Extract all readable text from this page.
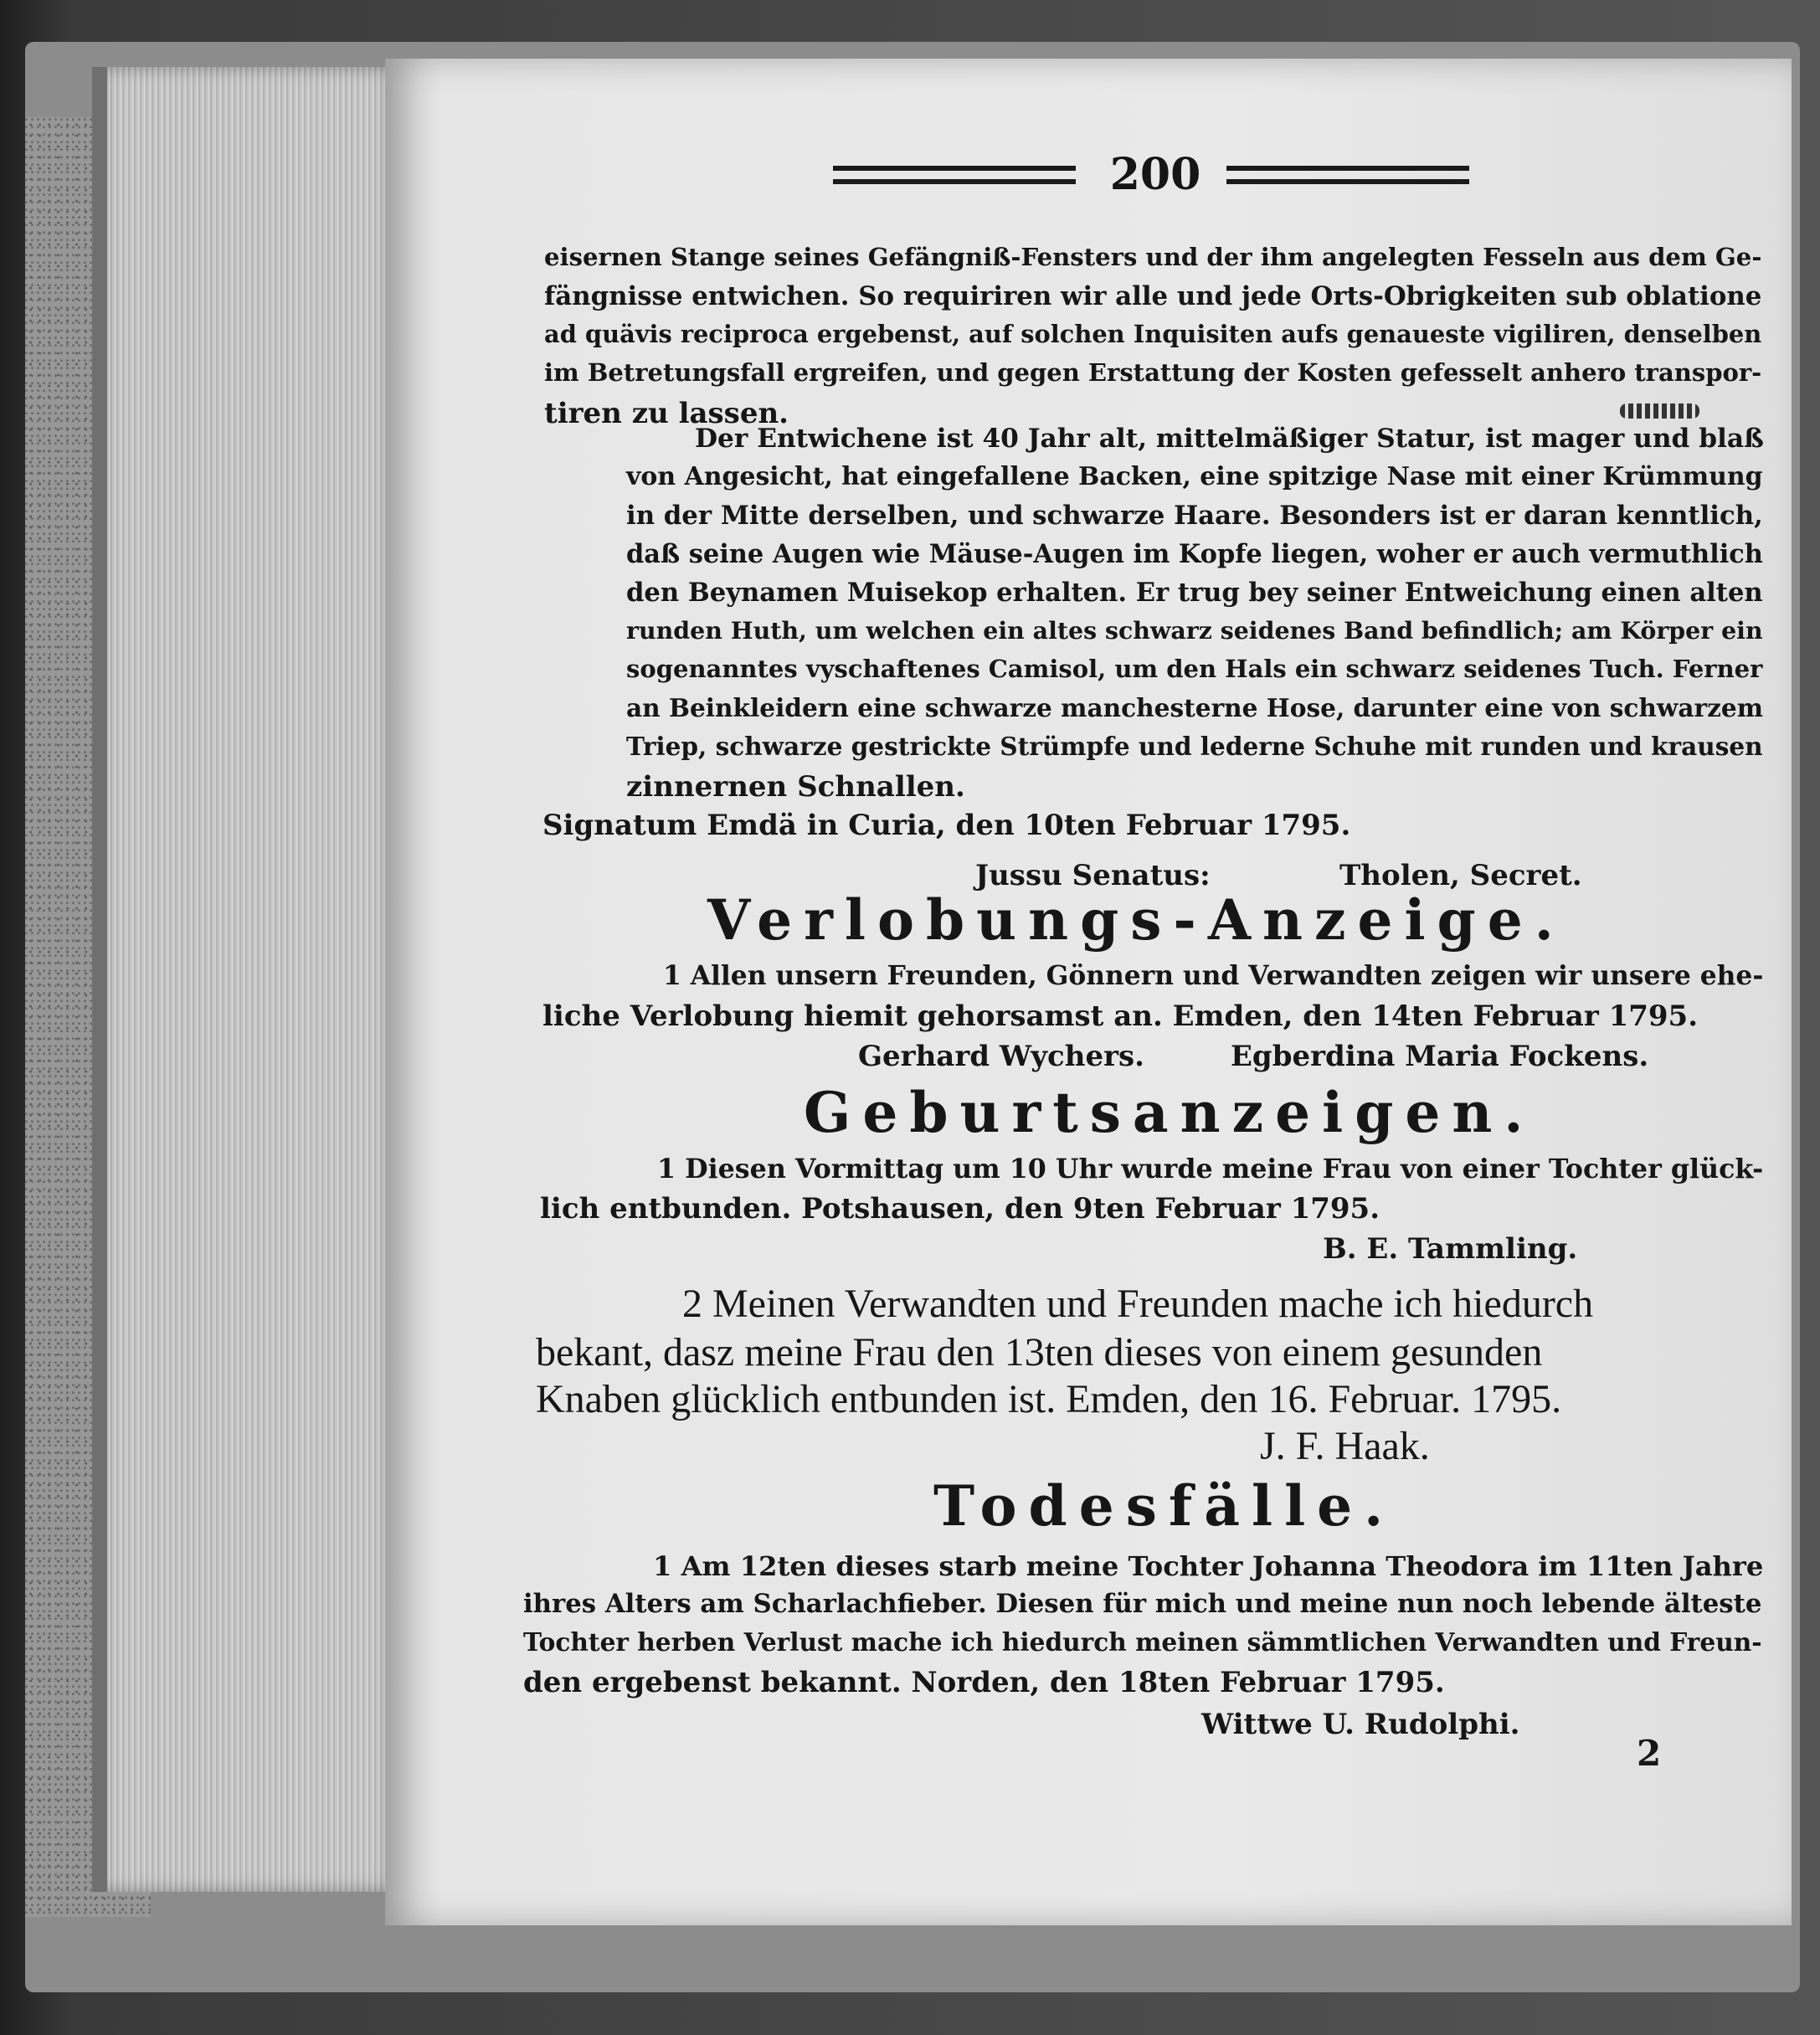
200
eisernen Stange seines Gefängniß-Fensters und der ihm angelegten Fesseln aus dem Ge-
fängnisse entwichen. So requiriren wir alle und jede Orts-Obrigkeiten sub oblatione
ad quävis reciproca ergebenst, auf solchen Inquisiten aufs genaueste vigiliren, denselben
im Betretungsfall ergreifen, und gegen Erstattung der Kosten gefesselt anhero transpor-
tiren zu lassen.
Der Entwichene ist 40 Jahr alt, mittelmäßiger Statur, ist mager und blaß
von Angesicht, hat eingefallene Backen, eine spitzige Nase mit einer Krümmung
in der Mitte derselben, und schwarze Haare. Besonders ist er daran kenntlich,
daß seine Augen wie Mäuse-Augen im Kopfe liegen, woher er auch vermuthlich
den Beynamen Muisekop erhalten. Er trug bey seiner Entweichung einen alten
runden Huth, um welchen ein altes schwarz seidenes Band befindlich; am Körper ein
sogenanntes vyschaftenes Camisol, um den Hals ein schwarz seidenes Tuch. Ferner
an Beinkleidern eine schwarze manchesterne Hose, darunter eine von schwarzem
Triep, schwarze gestrickte Strümpfe und lederne Schuhe mit runden und krausen
zinnernen Schnallen.
Signatum Emdä in Curia, den 10ten Februar 1795.
Jussu Senatus:	Tholen, Secret.
Verlobungs-Anzeige.
1 Allen unsern Freunden, Gönnern und Verwandten zeigen wir unsere ehe-
liche Verlobung hiemit gehorsamst an. Emden, den 14ten Februar 1795.
Gerhard Wychers.	Egberdina Maria Fockens.
Geburtsanzeigen.
1 Diesen Vormittag um 10 Uhr wurde meine Frau von einer Tochter glück-
lich entbunden. Potshausen, den 9ten Februar 1795.
B. E. Tammling.
2 Meinen Verwandten und Freunden mache ich hiedurch
bekant, dasz meine Frau den 13ten dieses von einem gesunden
Knaben glücklich entbunden ist. Emden, den 16. Februar. 1795.
J. F. Haak.
Todesfälle.
1 Am 12ten dieses starb meine Tochter Johanna Theodora im 11ten Jahre
ihres Alters am Scharlachfieber. Diesen für mich und meine nun noch lebende älteste
Tochter herben Verlust mache ich hiedurch meinen sämmtlichen Verwandten und Freun-
den ergebenst bekannt. Norden, den 18ten Februar 1795.
Wittwe U. Rudolphi.
2
